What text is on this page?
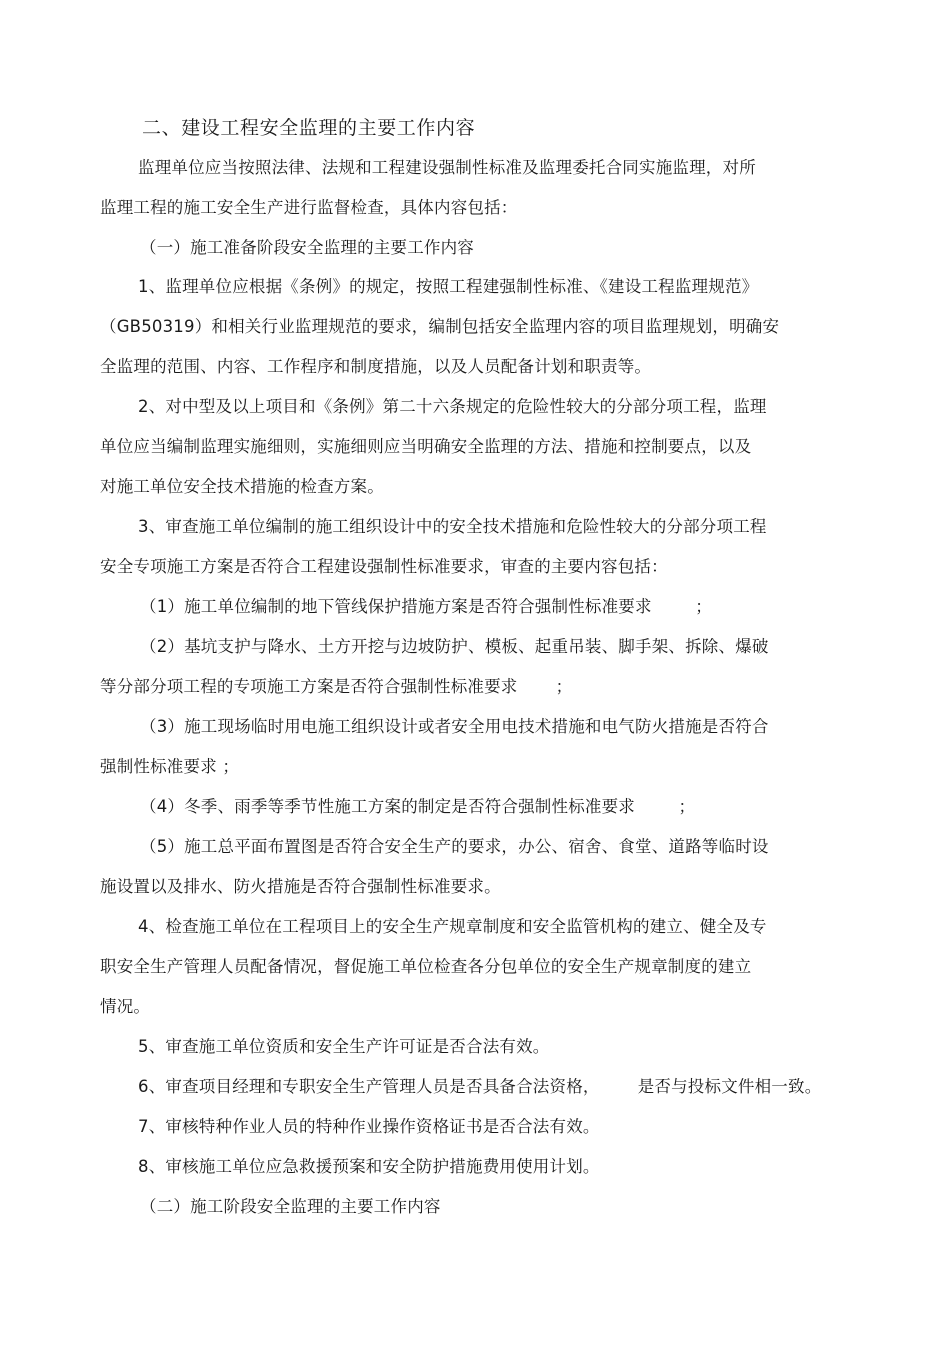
二、建设工程安全监理的主要工作内容
监理单位应当按照法律、法规和工程建设强制性标准及监理委托合同实施监理，对所
监理工程的施工安全生产进行监督检查，具体内容包括：
（一）施工准备阶段安全监理的主要工作内容
1、监理单位应根据《条例》的规定，按照工程建强制性标准、《建设工程监理规范》
（GB50319）和相关行业监理规范的要求，编制包括安全监理内容的项目监理规划，明确安
全监理的范围、内容、工作程序和制度措施，以及人员配备计划和职责等。
2、对中型及以上项目和《条例》第二十六条规定的危险性较大的分部分项工程，监理
单位应当编制监理实施细则，实施细则应当明确安全监理的方法、措施和控制要点，以及
对施工单位安全技术措施的检查方案。
3、审查施工单位编制的施工组织设计中的安全技术措施和危险性较大的分部分项工程
安全专项施工方案是否符合工程建设强制性标准要求，审查的主要内容包括：
（1）施工单位编制的地下管线保护措施方案是否符合强制性标准要求        ；
（2）基坑支护与降水、土方开挖与边坡防护、模板、起重吊装、脚手架、拆除、爆破
等分部分项工程的专项施工方案是否符合强制性标准要求       ；
（3）施工现场临时用电施工组织设计或者安全用电技术措施和电气防火措施是否符合
强制性标准要求 ；
（4）冬季、雨季等季节性施工方案的制定是否符合强制性标准要求        ；
（5）施工总平面布置图是否符合安全生产的要求，办公、宿舍、食堂、道路等临时设
施设置以及排水、防火措施是否符合强制性标准要求。
4、检查施工单位在工程项目上的安全生产规章制度和安全监管机构的建立、健全及专
职安全生产管理人员配备情况，督促施工单位检查各分包单位的安全生产规章制度的建立
情况。
5、审查施工单位资质和安全生产许可证是否合法有效。
6、审查项目经理和专职安全生产管理人员是否具备合法资格，       是否与投标文件相一致。
7、审核特种作业人员的特种作业操作资格证书是否合法有效。
8、审核施工单位应急救援预案和安全防护措施费用使用计划。
（二）施工阶段安全监理的主要工作内容
